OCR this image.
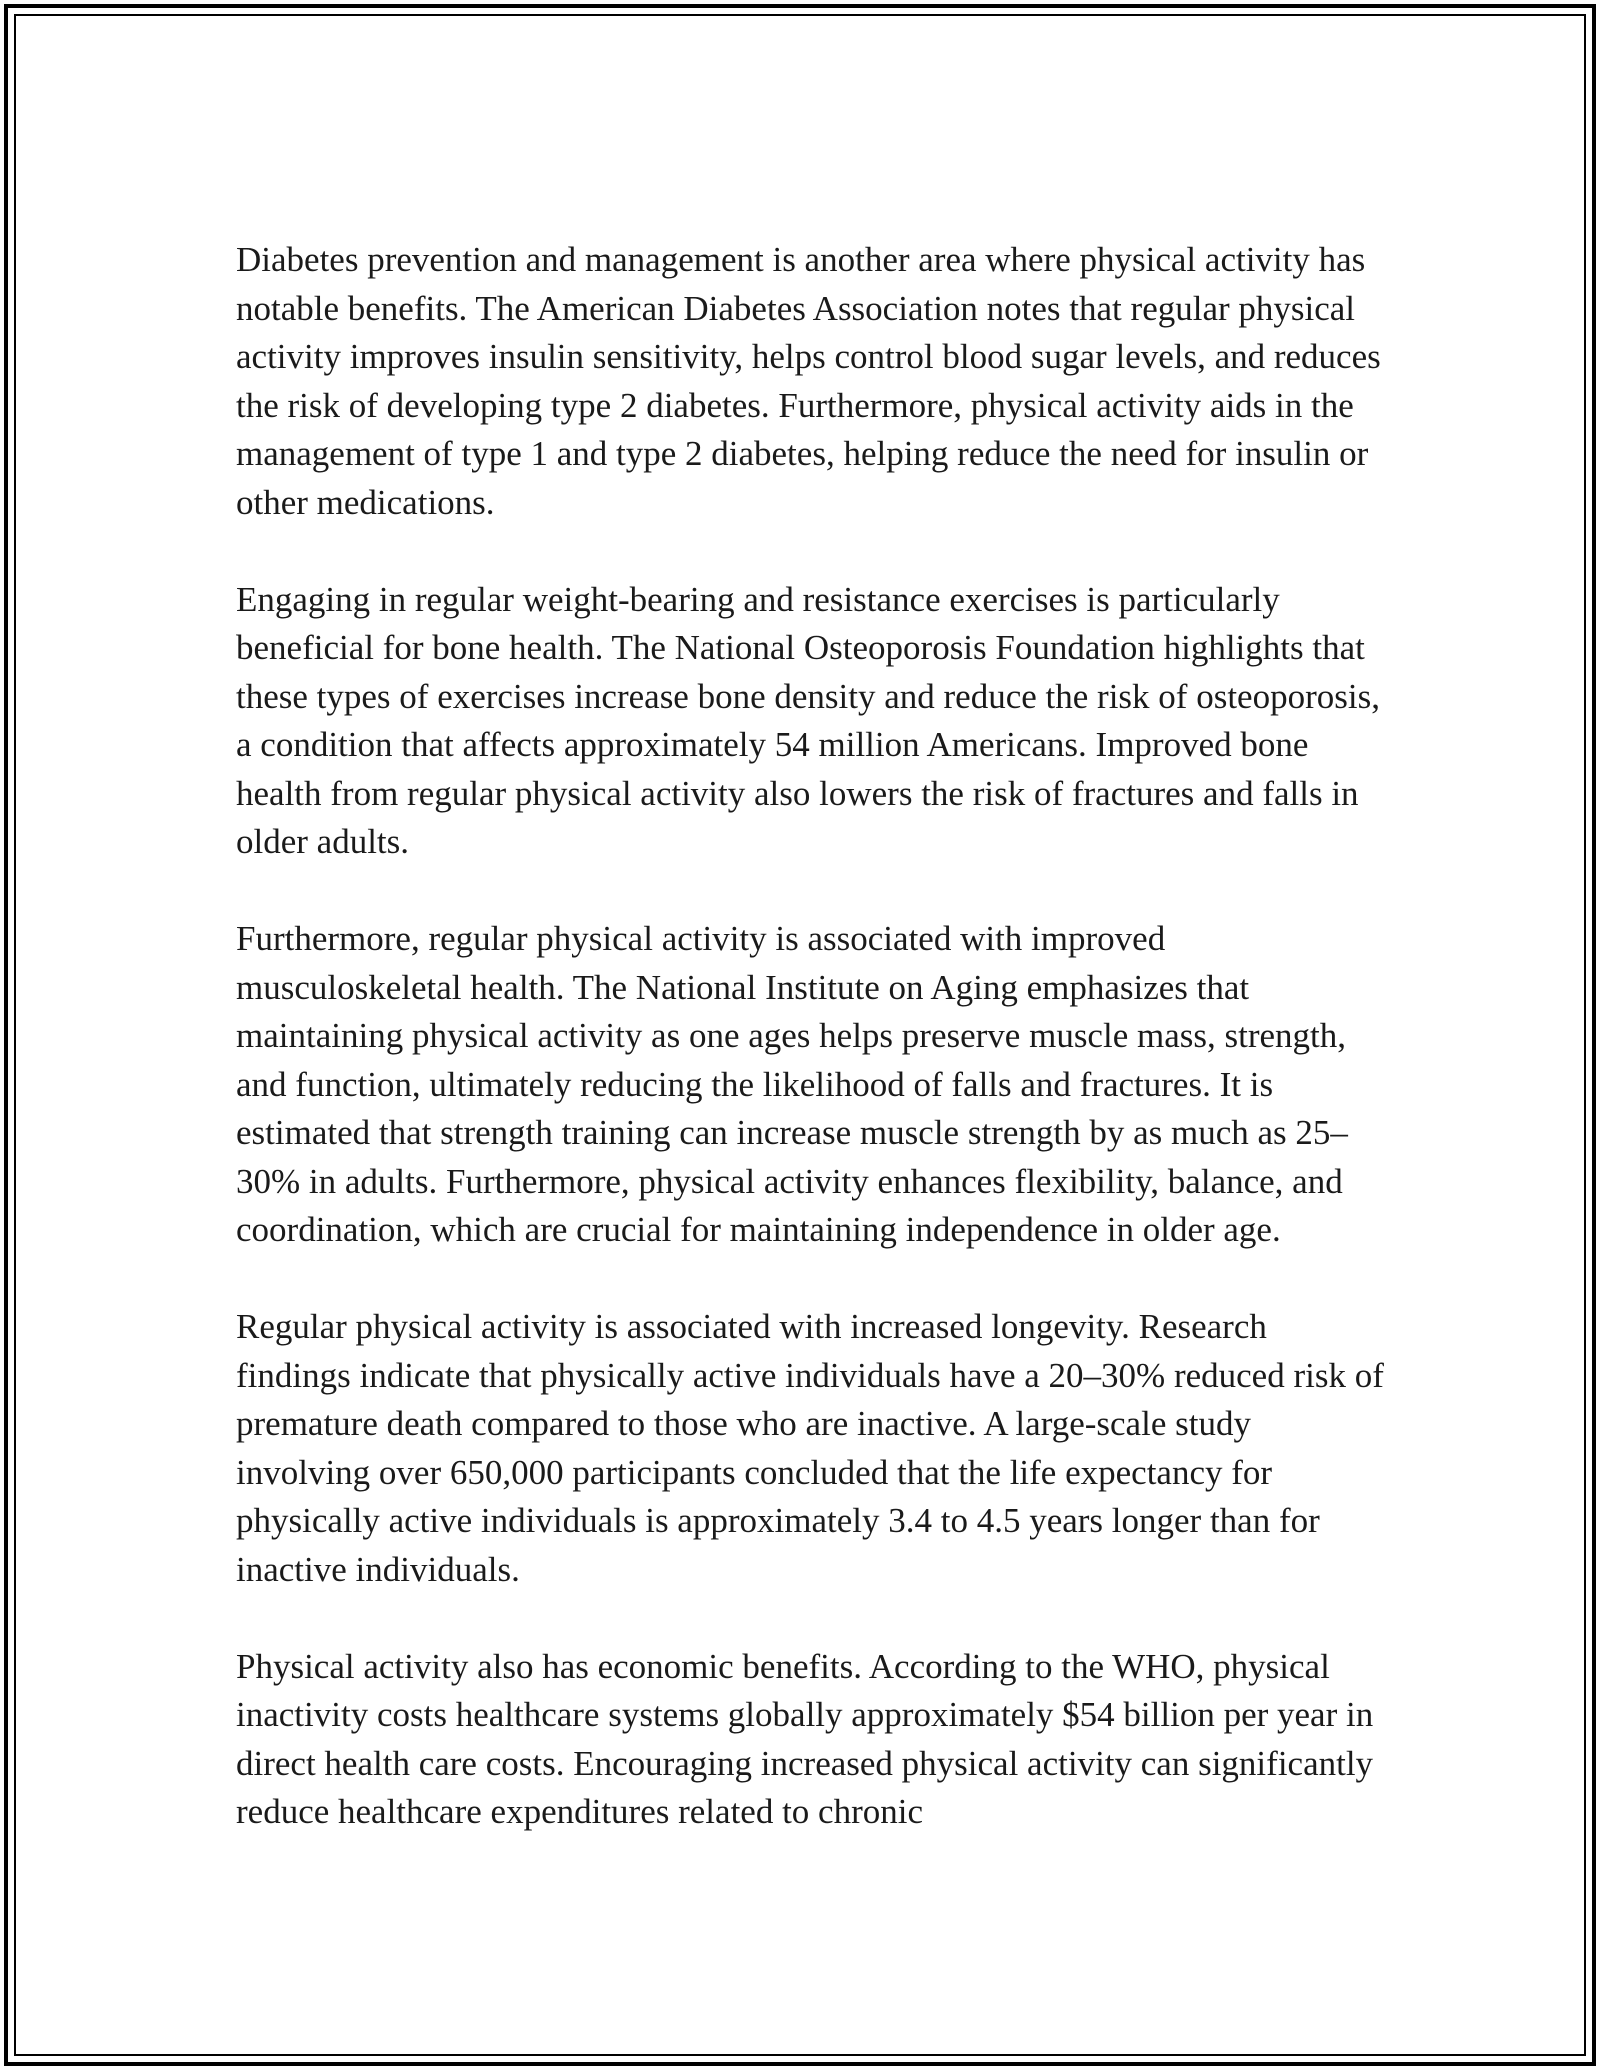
Diabetes prevention and management is another area where physical activity has notable benefits. The American Diabetes Association notes that regular physical activity improves insulin sensitivity, helps control blood sugar levels, and reduces the risk of developing type 2 diabetes. Furthermore, physical activity aids in the management of type 1 and type 2 diabetes, helping reduce the need for insulin or other medications.

Engaging in regular weight-bearing and resistance exercises is particularly beneficial for bone health. The National Osteoporosis Foundation highlights that these types of exercises increase bone density and reduce the risk of osteoporosis, a condition that affects approximately 54 million Americans. Improved bone health from regular physical activity also lowers the risk of fractures and falls in older adults.

Furthermore, regular physical activity is associated with improved musculoskeletal health. The National Institute on Aging emphasizes that maintaining physical activity as one ages helps preserve muscle mass, strength, and function, ultimately reducing the likelihood of falls and fractures. It is estimated that strength training can increase muscle strength by as much as 25–30% in adults. Furthermore, physical activity enhances flexibility, balance, and coordination, which are crucial for maintaining independence in older age.

Regular physical activity is associated with increased longevity. Research findings indicate that physically active individuals have a 20–30% reduced risk of premature death compared to those who are inactive. A large-scale study involving over 650,000 participants concluded that the life expectancy for physically active individuals is approximately 3.4 to 4.5 years longer than for inactive individuals.

Physical activity also has economic benefits. According to the WHO, physical inactivity costs healthcare systems globally approximately $54 billion per year in direct health care costs. Encouraging increased physical activity can significantly reduce healthcare expenditures related to chronic
